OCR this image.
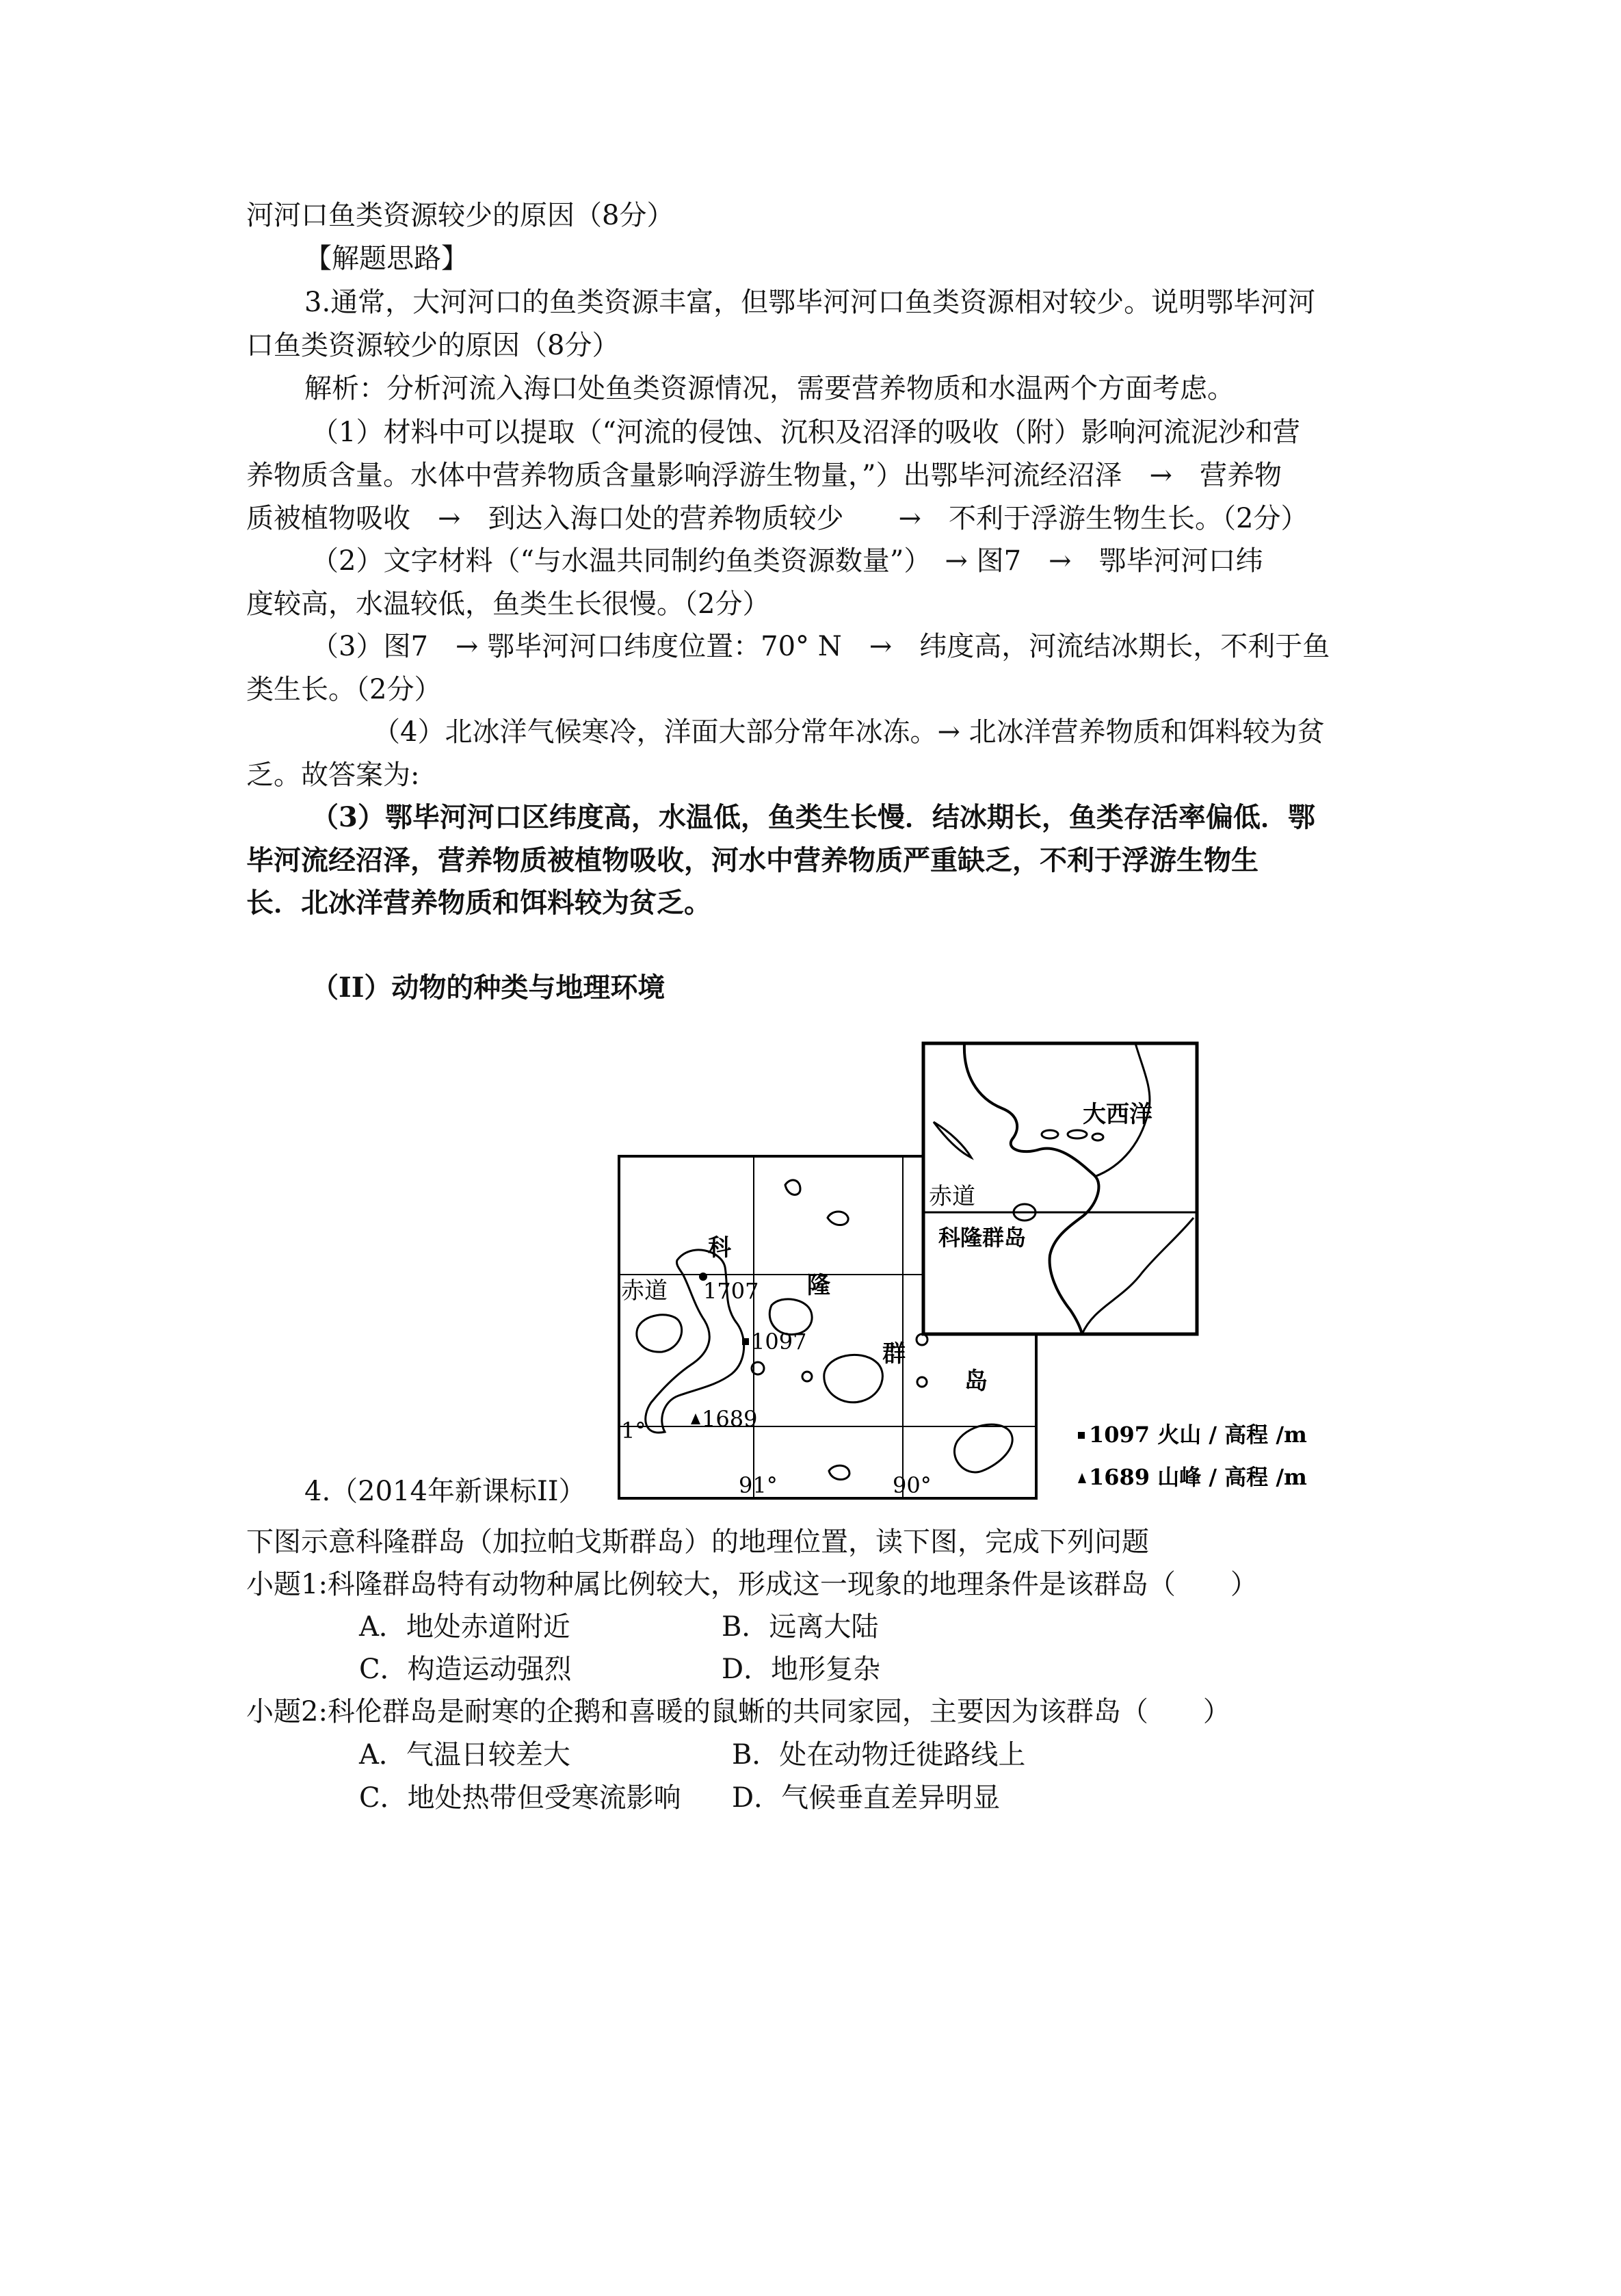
河河口鱼类资源较少的原因（8分）
【解题思路】
3.通常，大河河口的鱼类资源丰富，但鄂毕河河口鱼类资源相对较少。说明鄂毕河河
口鱼类资源较少的原因（8分）
解析：分析河流入海口处鱼类资源情况，需要营养物质和水温两个方面考虑。
（1）材料中可以提取（“河流的侵蚀、沉积及沼泽的吸收（附）影响河流泥沙和营
养物质含量。水体中营养物质含量影响浮游生物量，”）出鄂毕河流经沼泽　→　营养物
质被植物吸收　→　到达入海口处的营养物质较少　　→　不利于浮游生物生长。（2分）
（2）文字材料（“与水温共同制约鱼类资源数量”）　→ 图7　→　鄂毕河河口纬
度较高，水温较低，鱼类生长很慢。（2分）
（3）图7　→ 鄂毕河河口纬度位置：70° N　→　纬度高，河流结冰期长，不利于鱼
类生长。（2分）
（4）北冰洋气候寒冷，洋面大部分常年冰冻。→ 北冰洋营养物质和饵料较为贫
乏。故答案为:
（3）鄂毕河河口区纬度高，水温低，鱼类生长慢．结冰期长，鱼类存活率偏低．鄂
毕河流经沼泽，营养物质被植物吸收，河水中营养物质严重缺乏，不利于浮游生物生
长．北冰洋营养物质和饵料较为贫乏。
（II）动物的种类与地理环境
科
隆
群
岛
赤道 1707
1097
1689
1°
91°	90°
大西洋
赤道
科隆群岛
1097 火山 / 高程 /m
1689 山峰 / 高程 /m
4.（2014年新课标II）
下图示意科隆群岛（加拉帕戈斯群岛）的地理位置，读下图，完成下列问题
小题1:科隆群岛特有动物种属比例较大，形成这一现象的地理条件是该群岛（　　）
A．地处赤道附近	B．远离大陆
C．构造运动强烈	D．地形复杂
小题2:科伦群岛是耐寒的企鹅和喜暖的鼠蜥的共同家园，主要因为该群岛（　　）
A．气温日较差大	B．处在动物迁徙路线上
C．地处热带但受寒流影响 D．气候垂直差异明显
